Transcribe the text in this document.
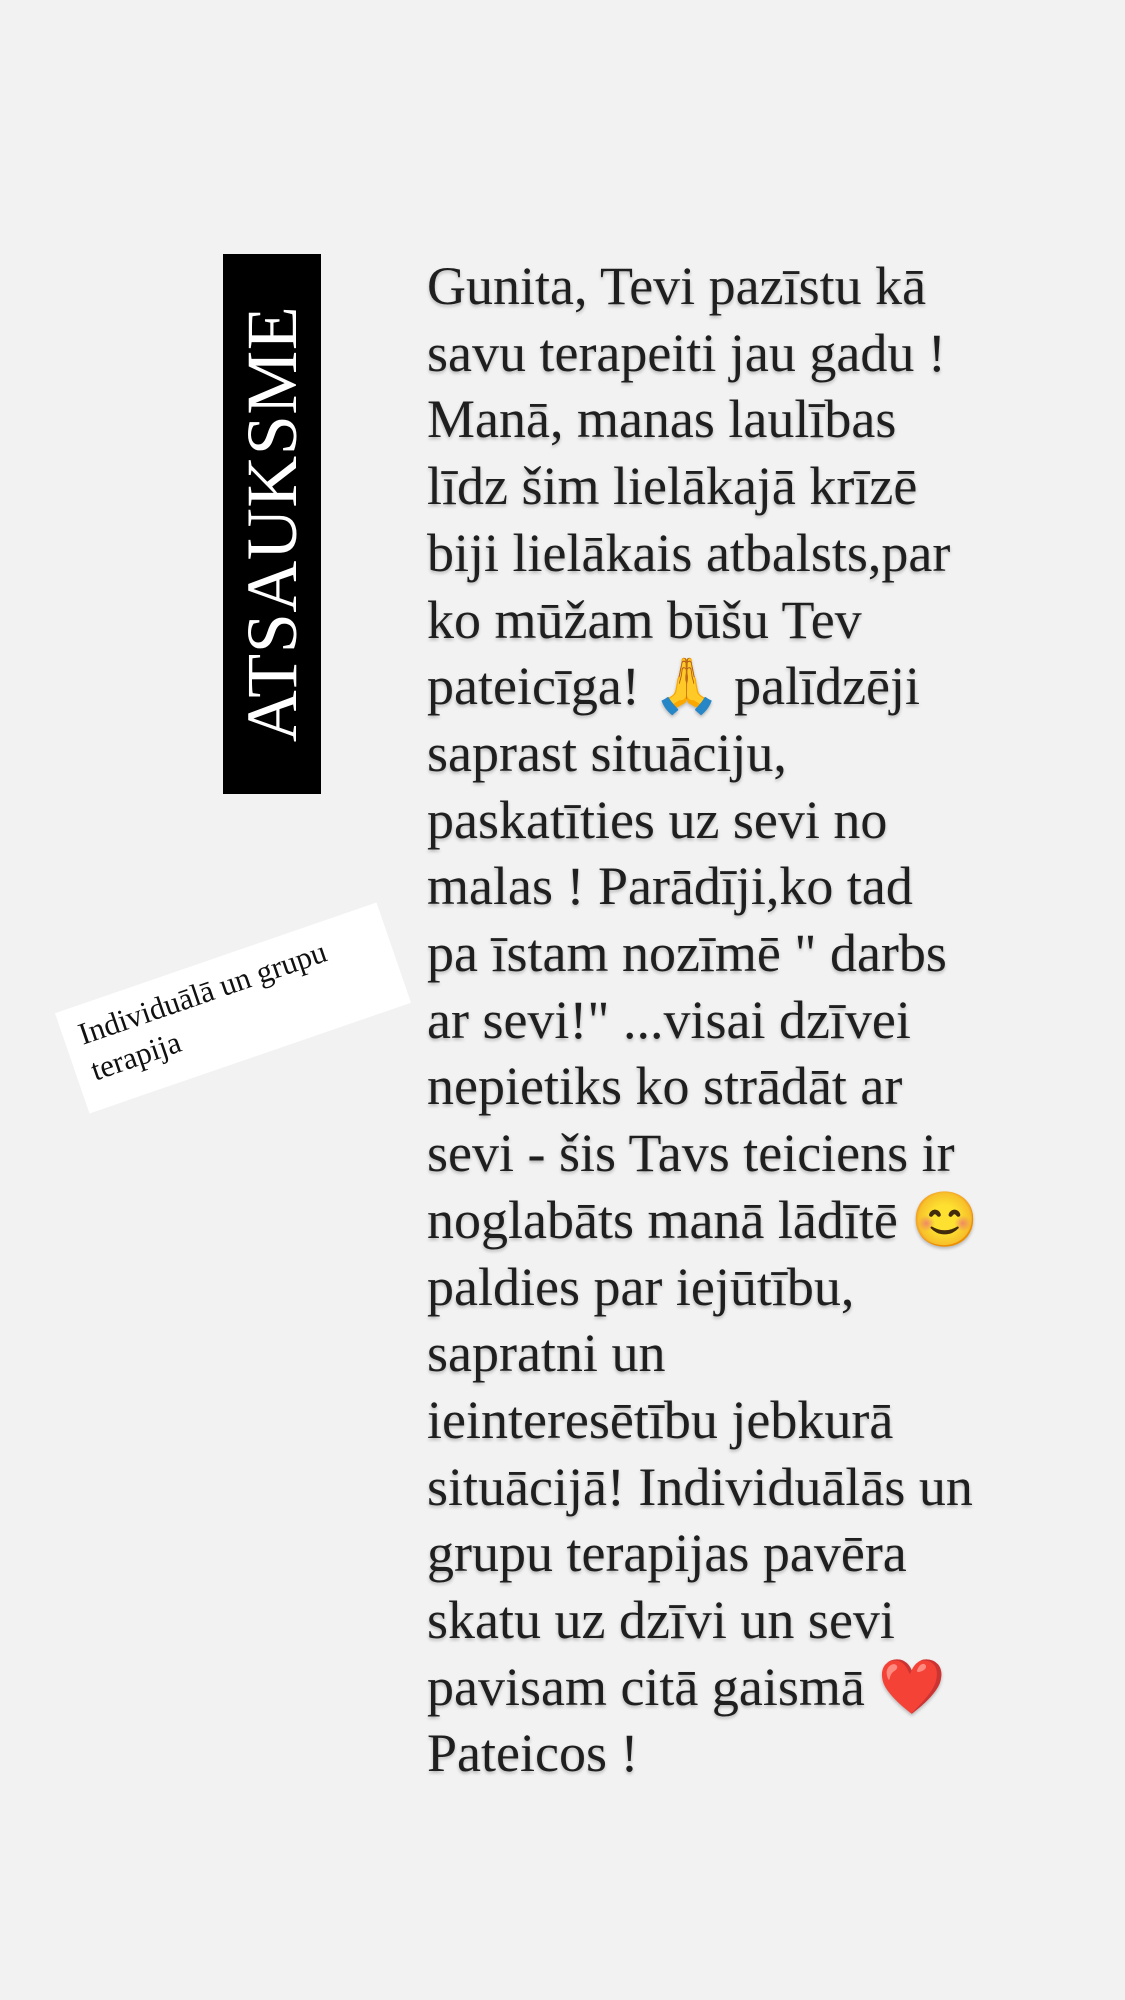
ATSAUKSME
Individuālā un grupu terapija
Gunita, Tevi pazīstu kā
savu terapeiti jau gadu !
Manā, manas laulības
līdz šim lielākajā krīzē
biji lielākais atbalsts,par
ko mūžam būšu Tev
pateicīga! 🙏 palīdzēji
saprast situāciju,
paskatīties uz sevi no
malas ! Parādīji,ko tad
pa īstam nozīmē " darbs
ar sevi!" ...visai dzīvei
nepietiks ko strādāt ar
sevi - šis Tavs teiciens ir
noglabāts manā lādītē 😊
paldies par iejūtību,
sapratni un
ieinteresētību jebkurā
situācijā! Individuālās un
grupu terapijas pavēra
skatu uz dzīvi un sevi
pavisam citā gaismā ❤️
Pateicos !
